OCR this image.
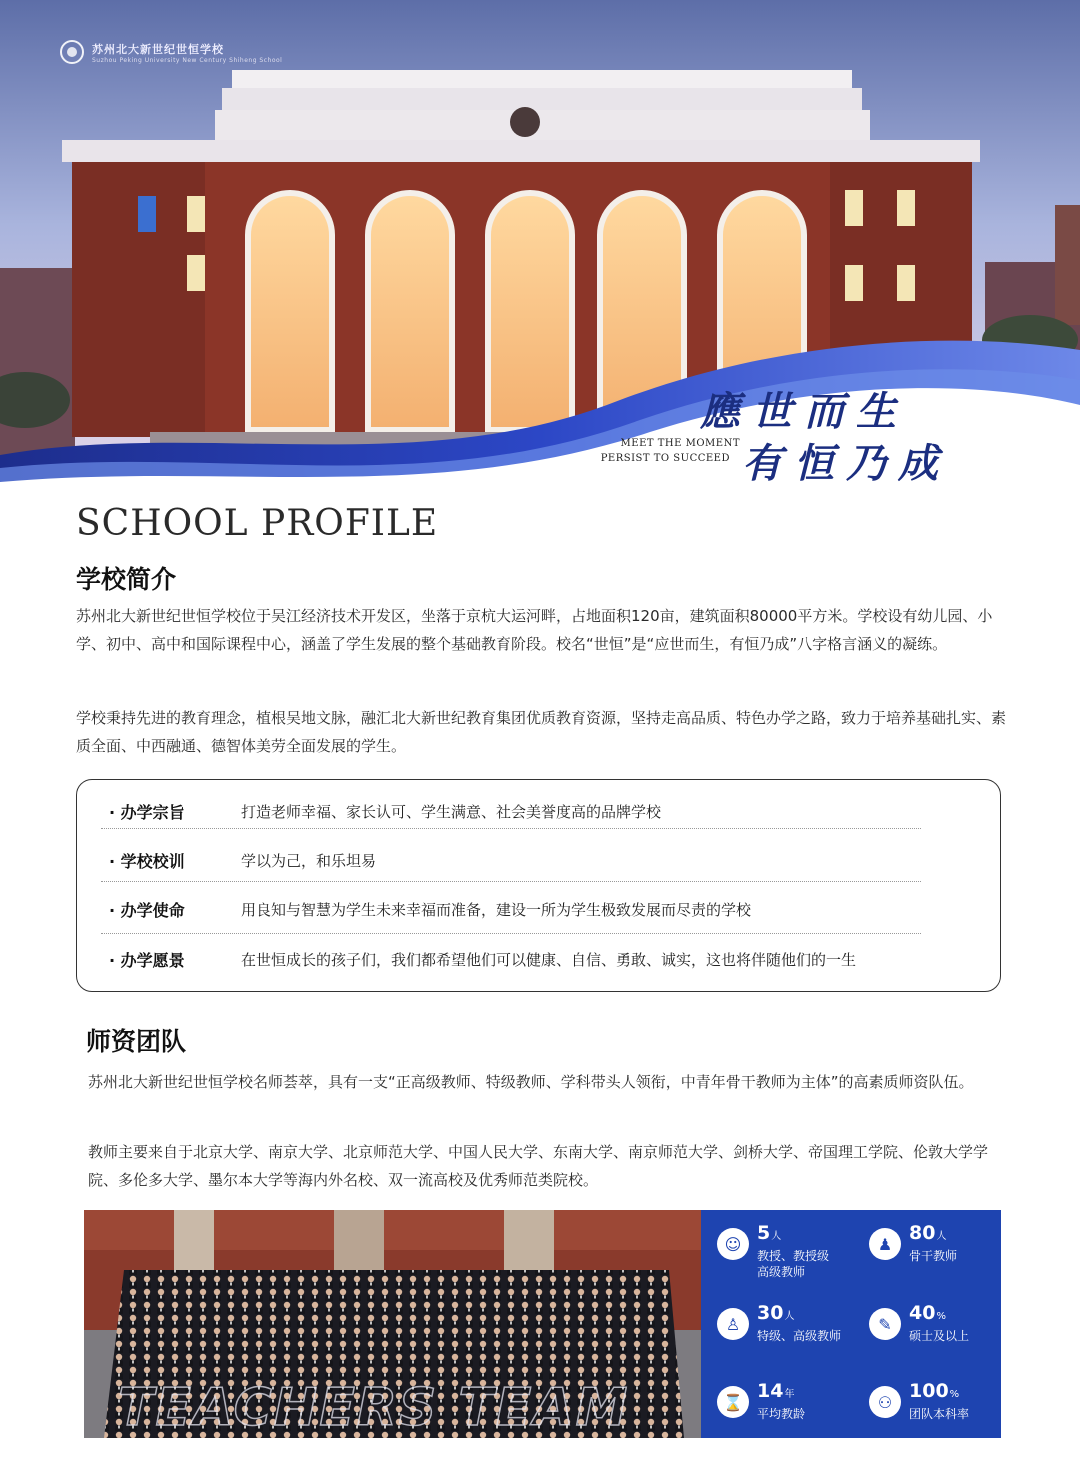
苏州北大新世纪世恒学校
Suzhou Peking University New Century Shiheng School
MEET THE MOMENT
PERSIST TO SUCCEED
應世而生
有恒乃成
SCHOOL PROFILE
学校简介

苏州北大新世纪世恒学校位于吴江经济技术开发区，坐落于京杭大运河畔，占地面积120亩，建筑面积80000平方米。学校设有幼儿园、小学、初中、高中和国际课程中心，涵盖了学生发展的整个基础教育阶段。校名“世恒”是“应世而生，有恒乃成”八字格言涵义的凝练。

学校秉持先进的教育理念，植根吴地文脉，融汇北大新世纪教育集团优质教育资源，坚持走高品质、特色办学之路，致力于培养基础扎实、素质全面、中西融通、德智体美劳全面发展的学生。

· 办学宗旨	打造老师幸福、家长认可、学生满意、社会美誉度高的品牌学校
· 学校校训	学以为己，和乐坦易
· 办学使命	用良知与智慧为学生未来幸福而准备，建设一所为学生极致发展而尽责的学校
· 办学愿景	在世恒成长的孩子们，我们都希望他们可以健康、自信、勇敢、诚实，这也将伴随他们的一生
师资团队

苏州北大新世纪世恒学校名师荟萃，具有一支“正高级教师、特级教师、学科带头人领衔，中青年骨干教师为主体”的高素质师资队伍。

教师主要来自于北京大学、南京大学、北京师范大学、中国人民大学、东南大学、南京师范大学、剑桥大学、帝国理工学院、伦敦大学学院、多伦多大学、墨尔本大学等海内外名校、双一流高校及优秀师范类院校。

TEACHERS TEAM
☺ 5人
教授、教授级高级教师
♟ 80人
骨干教师
♙ 30人
特级、高级教师
✎ 40%
硕士及以上
⌛ 14年
平均教龄
⚇ 100%
团队本科率
